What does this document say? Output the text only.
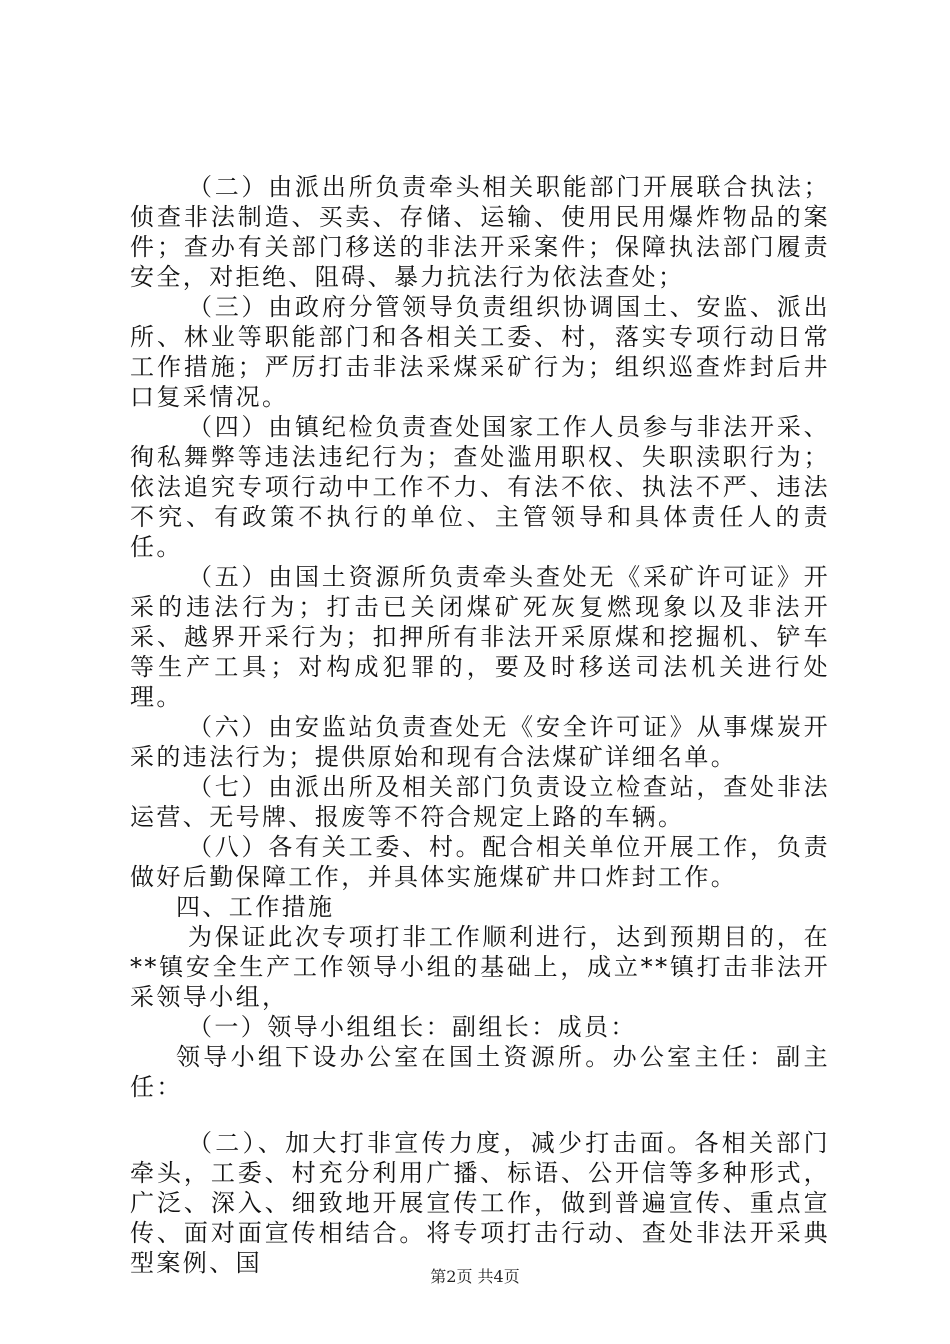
（二）由派出所负责牵头相关职能部门开展联合执法；侦查非法制造、买卖、存储、运输、使用民用爆炸物品的案件；查办有关部门移送的非法开采案件；保障执法部门履责安全，对拒绝、阻碍、暴力抗法行为依法查处；

（三）由政府分管领导负责组织协调国土、安监、派出所、林业等职能部门和各相关工委、村，落实专项行动日常工作措施；严厉打击非法采煤采矿行为；组织巡查炸封后井口复采情况。

（四）由镇纪检负责查处国家工作人员参与非法开采、徇私舞弊等违法违纪行为；查处滥用职权、失职渎职行为；依法追究专项行动中工作不力、有法不依、执法不严、违法不究、有政策不执行的单位、主管领导和具体责任人的责任。

（五）由国土资源所负责牵头查处无《采矿许可证》开采的违法行为；打击已关闭煤矿死灰复燃现象以及非法开采、越界开采行为；扣押所有非法开采原煤和挖掘机、铲车等生产工具；对构成犯罪的，要及时移送司法机关进行处理。

（六）由安监站负责查处无《安全许可证》从事煤炭开采的违法行为；提供原始和现有合法煤矿详细名单。

（七）由派出所及相关部门负责设立检查站，查处非法运营、无号牌、报废等不符合规定上路的车辆。

（八）各有关工委、村。配合相关单位开展工作，负责做好后勤保障工作，并具体实施煤矿井口炸封工作。

四、工作措施

为保证此次专项打非工作顺利进行，达到预期目的，在**镇安全生产工作领导小组的基础上，成立**镇打击非法开采领导小组，

（一）领导小组组长：副组长：成员：

领导小组下设办公室在国土资源所。办公室主任：副主任：

（二）、加大打非宣传力度，减少打击面。各相关部门牵头，工委、村充分利用广播、标语、公开信等多种形式，广泛、深入、细致地开展宣传工作，做到普遍宣传、重点宣传、面对面宣传相结合。将专项打击行动、查处非法开采典型案例、国	第2页 共4页
